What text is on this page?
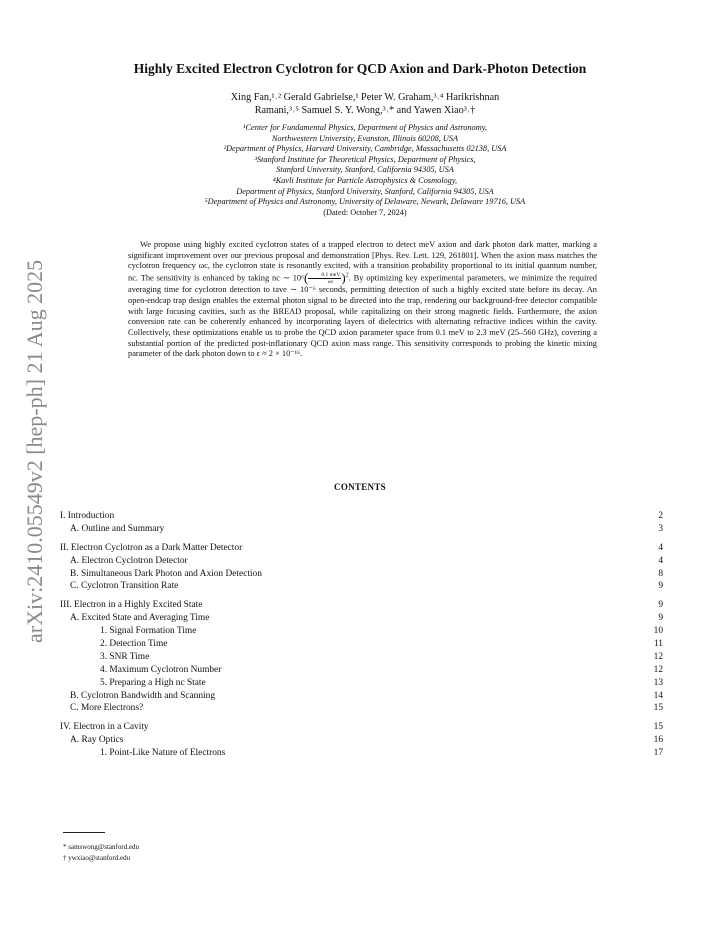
arXiv:2410.05549v2 [hep-ph] 21 Aug 2025
Highly Excited Electron Cyclotron for QCD Axion and Dark-Photon Detection
Xing Fan,¹˒² Gerald Gabrielse,¹ Peter W. Graham,³˒⁴ Harikrishnan
Ramani,³˒⁵ Samuel S. Y. Wong,³˒* and Yawen Xiao³˒†
¹Center for Fundamental Physics, Department of Physics and Astronomy,
Northwestern University, Evanston, Illinois 60208, USA
²Department of Physics, Harvard University, Cambridge, Massachusetts 02138, USA
³Stanford Institute for Theoretical Physics, Department of Physics,
Stanford University, Stanford, California 94305, USA
⁴Kavli Institute for Particle Astrophysics & Cosmology,
Department of Physics, Stanford University, Stanford, California 94305, USA
⁵Department of Physics and Astronomy, University of Delaware, Newark, Delaware 19716, USA
(Dated: October 7, 2024)
We propose using highly excited cyclotron states of a trapped electron to detect meV axion and dark photon dark matter, marking a significant improvement over our previous proposal and demonstration [Phys. Rev. Lett. 129, 261801]. When the axion mass matches the cyclotron frequency ωc, the cyclotron state is resonantly excited, with a transition probability proportional to its initial quantum number, nc. The sensitivity is enhanced by taking nc ∼ $10^6( \frac{\text{0.1 meV}}{\omega c} )^2$. By optimizing key experimental parameters, we minimize the required averaging time for cyclotron detection to tave ∼ 10⁻⁶ seconds, permitting detection of such a highly excited state before its decay. An open-endcap trap design enables the external photon signal to be directed into the trap, rendering our background-free detector compatible with large focusing cavities, such as the BREAD proposal, while capitalizing on their strong magnetic fields. Furthermore, the axion conversion rate can be coherently enhanced by incorporating layers of dielectrics with alternating refractive indices within the cavity. Collectively, these optimizations enable us to probe the QCD axion parameter space from 0.1 meV to 2.3 meV (25–560 GHz), covering a substantial portion of the predicted post-inflationary QCD axion mass range. This sensitivity corresponds to probing the kinetic mixing parameter of the dark photon down to ϵ ≈ 2 × 10⁻¹⁶.
CONTENTS
I. Introduction	2
A. Outline and Summary	3
II. Electron Cyclotron as a Dark Matter Detector	4
A. Electron Cyclotron Detector	4
B. Simultaneous Dark Photon and Axion Detection	8
C. Cyclotron Transition Rate	9
III. Electron in a Highly Excited State	9
A. Excited State and Averaging Time	9
1. Signal Formation Time	10
2. Detection Time	11
3. SNR Time	12
4. Maximum Cyclotron Number	12
5. Preparing a High nc State	13
B. Cyclotron Bandwidth and Scanning	14
C. More Electrons?	15
IV. Electron in a Cavity	15
A. Ray Optics	16
1. Point-Like Nature of Electrons	17
* samswong@stanford.edu
† ywxiao@stanford.edu
